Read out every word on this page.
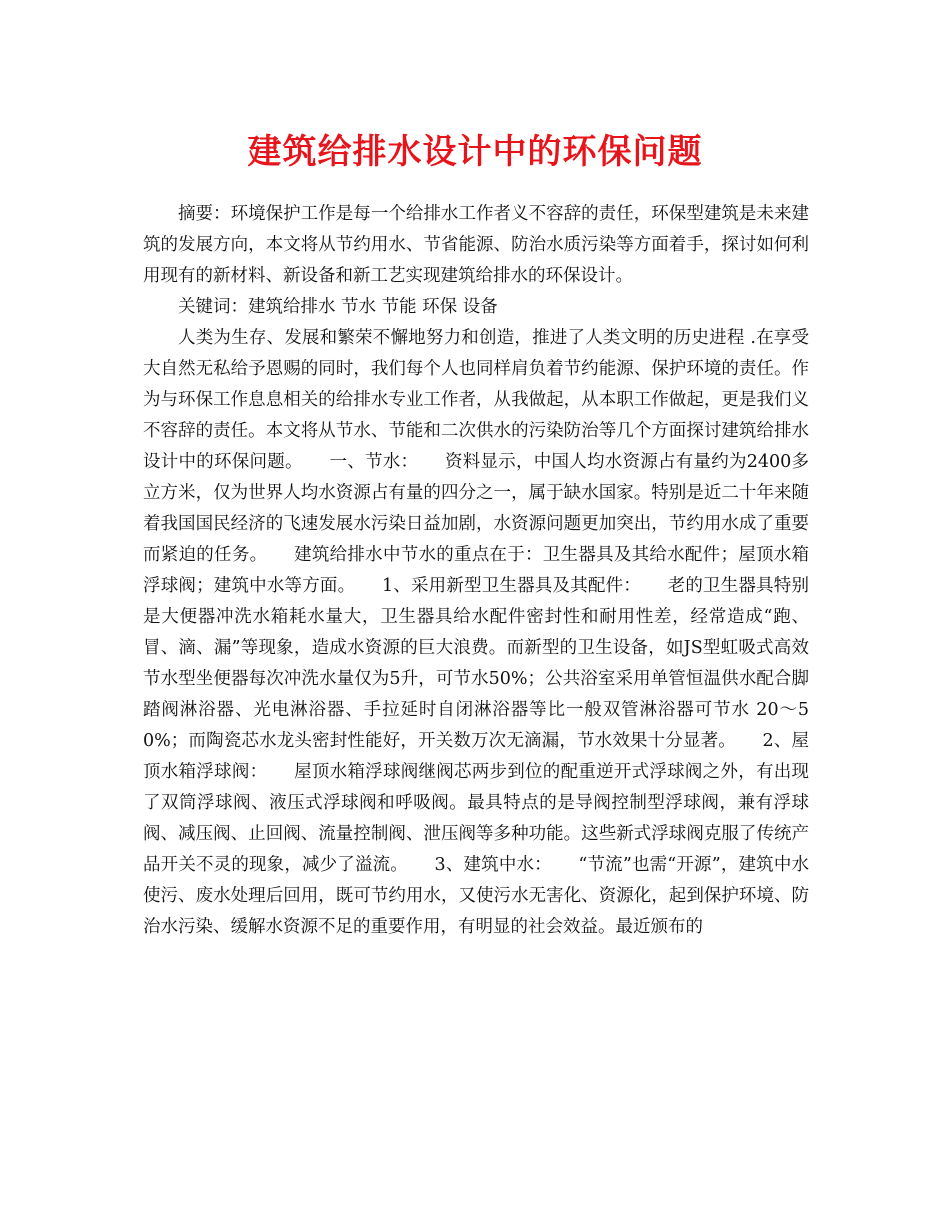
建筑给排水设计中的环保问题

摘要：环境保护工作是每一个给排水工作者义不容辞的责任，环保型建筑是未来建筑的发展方向，本文将从节约用水、节省能源、防治水质污染等方面着手，探讨如何利用现有的新材料、新设备和新工艺实现建筑给排水的环保设计。

关键词：建筑给排水 节水 节能 环保 设备

人类为生存、发展和繁荣不懈地努力和创造，推进了人类文明的历史进程 .在享受大自然无私给予恩赐的同时，我们每个人也同样肩负着节约能源、保护环境的责任。作为与环保工作息息相关的给排水专业工作者，从我做起，从本职工作做起，更是我们义不容辞的责任。本文将从节水、节能和二次供水的污染防治等几个方面探讨建筑给排水设计中的环保问题。　　一、节水：　　资料显示，中国人均水资源占有量约为2400多立方米，仅为世界人均水资源占有量的四分之一，属于缺水国家。特别是近二十年来随着我国国民经济的飞速发展水污染日益加剧，水资源问题更加突出，节约用水成了重要而紧迫的任务。　　建筑给排水中节水的重点在于：卫生器具及其给水配件；屋顶水箱浮球阀；建筑中水等方面。　　1、采用新型卫生器具及其配件：　　老的卫生器具特别是大便器冲洗水箱耗水量大，卫生器具给水配件密封性和耐用性差，经常造成“跑、冒、滴、漏”等现象，造成水资源的巨大浪费。而新型的卫生设备，如JS型虹吸式高效节水型坐便器每次冲洗水量仅为5升，可节水50%；公共浴室采用单管恒温供水配合脚踏阀淋浴器、光电淋浴器、手拉延时自闭淋浴器等比一般双管淋浴器可节水 20～50%；而陶瓷芯水龙头密封性能好，开关数万次无滴漏，节水效果十分显著。　　2、屋顶水箱浮球阀：　　屋顶水箱浮球阀继阀芯两步到位的配重逆开式浮球阀之外，有出现了双筒浮球阀、液压式浮球阀和呼吸阀。最具特点的是导阀控制型浮球阀，兼有浮球阀、减压阀、止回阀、流量控制阀、泄压阀等多种功能。这些新式浮球阀克服了传统产品开关不灵的现象，减少了溢流。　　3、建筑中水：　　“节流”也需“开源”，建筑中水使污、废水处理后回用，既可节约用水，又使污水无害化、资源化，起到保护环境、防治水污染、缓解水资源不足的重要作用，有明显的社会效益。最近颁布的
